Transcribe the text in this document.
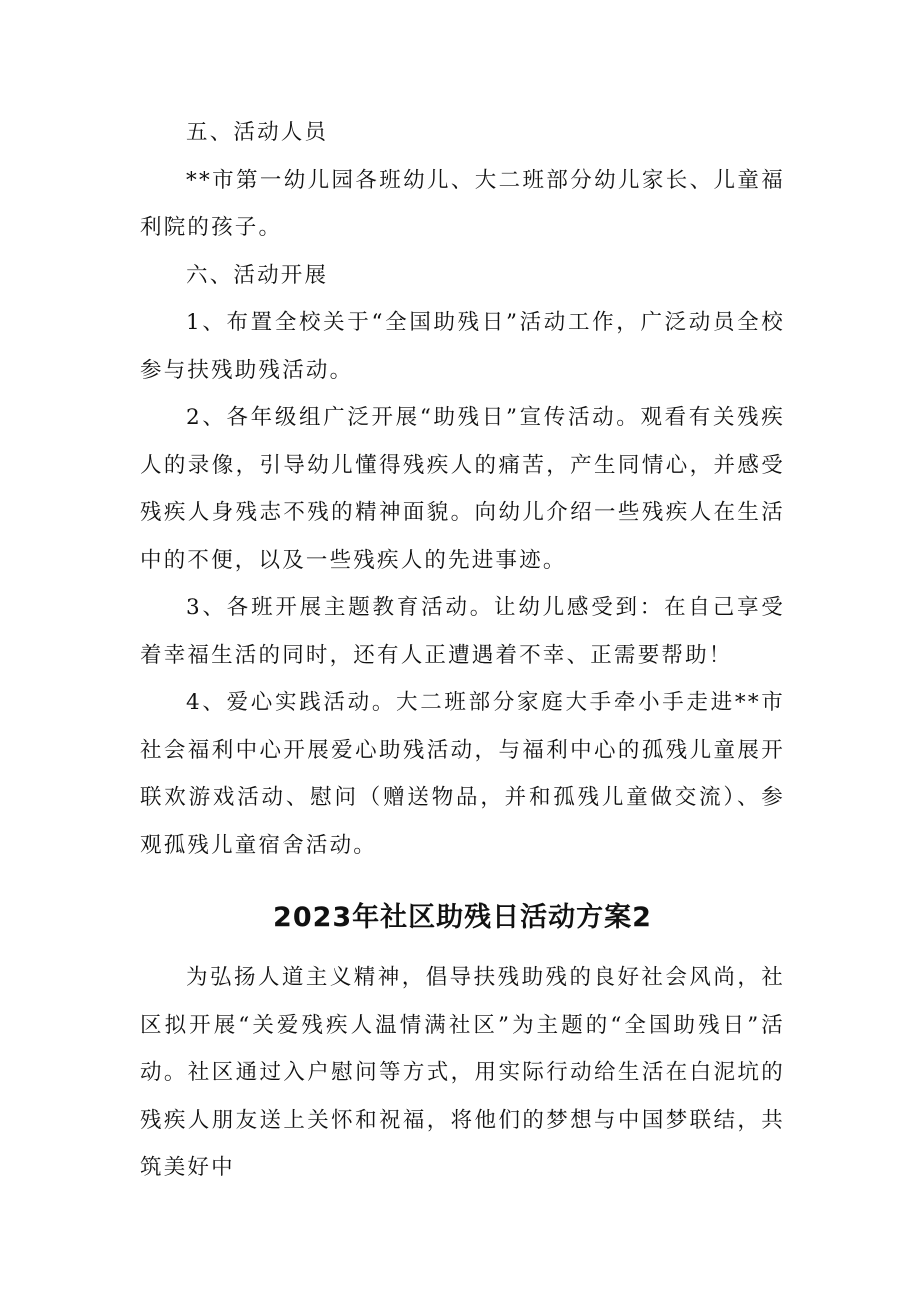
五、活动人员

**市第一幼儿园各班幼儿、大二班部分幼儿家长、儿童福利院的孩子。

六、活动开展

1、布置全校关于“全国助残日”活动工作，广泛动员全校参与扶残助残活动。

2、各年级组广泛开展“助残日”宣传活动。观看有关残疾人的录像，引导幼儿懂得残疾人的痛苦，产生同情心，并感受残疾人身残志不残的精神面貌。向幼儿介绍一些残疾人在生活中的不便，以及一些残疾人的先进事迹。

3、各班开展主题教育活动。让幼儿感受到：在自己享受着幸福生活的同时，还有人正遭遇着不幸、正需要帮助！

4、爱心实践活动。大二班部分家庭大手牵小手走进**市社会福利中心开展爱心助残活动，与福利中心的孤残儿童展开联欢游戏活动、慰问（赠送物品，并和孤残儿童做交流）、参观孤残儿童宿舍活动。

2023年社区助残日活动方案2

为弘扬人道主义精神，倡导扶残助残的良好社会风尚，社区拟开展“关爱残疾人温情满社区”为主题的“全国助残日”活动。社区通过入户慰问等方式，用实际行动给生活在白泥坑的残疾人朋友送上关怀和祝福，将他们的梦想与中国梦联结，共筑美好中
